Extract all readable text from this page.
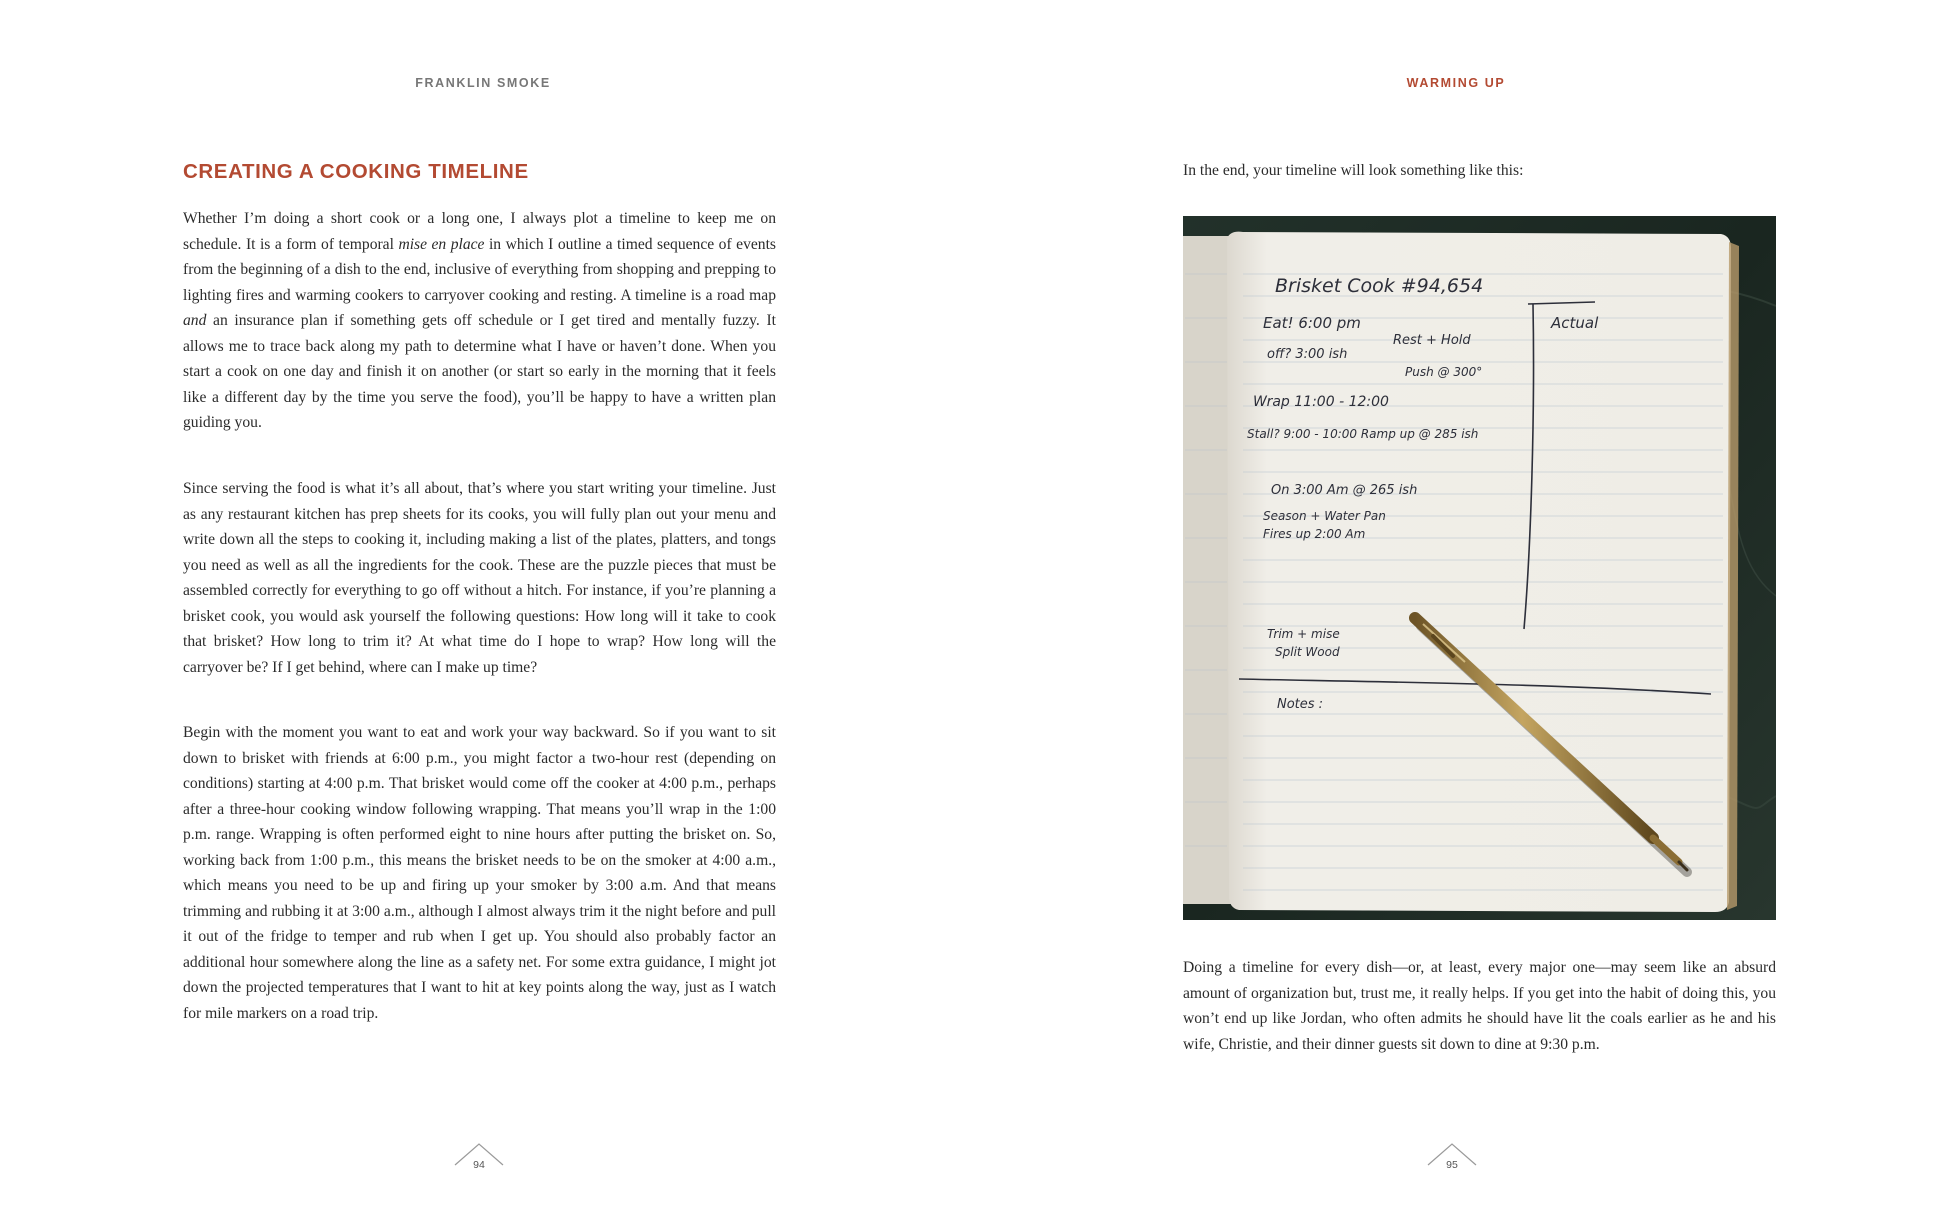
FRANKLIN SMOKE
CREATING A COOKING TIMELINE

Whether I’m doing a short cook or a long one, I always plot a timeline to keep me on schedule. It is a form of temporal mise en place in which I outline a timed sequence of events from the beginning of a dish to the end, inclusive of everything from shopping and prepping to lighting fires and warming cookers to carryover cooking and resting. A timeline is a road map and an insurance plan if something gets off schedule or I get tired and mentally fuzzy. It allows me to trace back along my path to determine what I have or haven’t done. When you start a cook on one day and finish it on another (or start so early in the morning that it feels like a different day by the time you serve the food), you’ll be happy to have a written plan guiding you.

Since serving the food is what it’s all about, that’s where you start writing your timeline. Just as any restaurant kitchen has prep sheets for its cooks, you will fully plan out your menu and write down all the steps to cooking it, including making a list of the plates, platters, and tongs you need as well as all the ingredients for the cook. These are the puzzle pieces that must be assembled correctly for everything to go off without a hitch. For instance, if you’re planning a brisket cook, you would ask yourself the following questions: How long will it take to cook that brisket? How long to trim it? At what time do I hope to wrap? How long will the carryover be? If I get behind, where can I make up time?

Begin with the moment you want to eat and work your way backward. So if you want to sit down to brisket with friends at 6:00 p.m., you might factor a two-hour rest (depending on conditions) starting at 4:00 p.m. That brisket would come off the cooker at 4:00 p.m., perhaps after a three-hour cooking window following wrapping. That means you’ll wrap in the 1:00 p.m. range. Wrapping is often performed eight to nine hours after putting the brisket on. So, working back from 1:00 p.m., this means the brisket needs to be on the smoker at 4:00 a.m., which means you need to be up and firing up your smoker by 3:00 a.m. And that means trimming and rubbing it at 3:00 a.m., although I almost always trim it the night before and pull it out of the fridge to temper and rub when I get up. You should also probably factor an additional hour somewhere along the line as a safety net. For some extra guidance, I might jot down the projected temperatures that I want to hit at key points along the way, just as I watch for mile markers on a road trip.

94
WARMING UP

In the end, your timeline will look something like this:

Brisket Cook #94,654
Actual
Eat! 6:00 pm
Rest + Hold
off? 3:00 ish
Push @ 300°
Wrap 11:00 - 12:00
Stall? 9:00 - 10:00 Ramp up @ 285 ish
On 3:00 Am @ 265 ish
Season + Water Pan
Fires up 2:00 Am
Trim + mise
Split Wood
Notes :

Doing a timeline for every dish—or, at least, every major one—may seem like an absurd amount of organization but, trust me, it really helps. If you get into the habit of doing this, you won’t end up like Jordan, who often admits he should have lit the coals earlier as he and his wife, Christie, and their dinner guests sit down to dine at 9:30 p.m.

95
